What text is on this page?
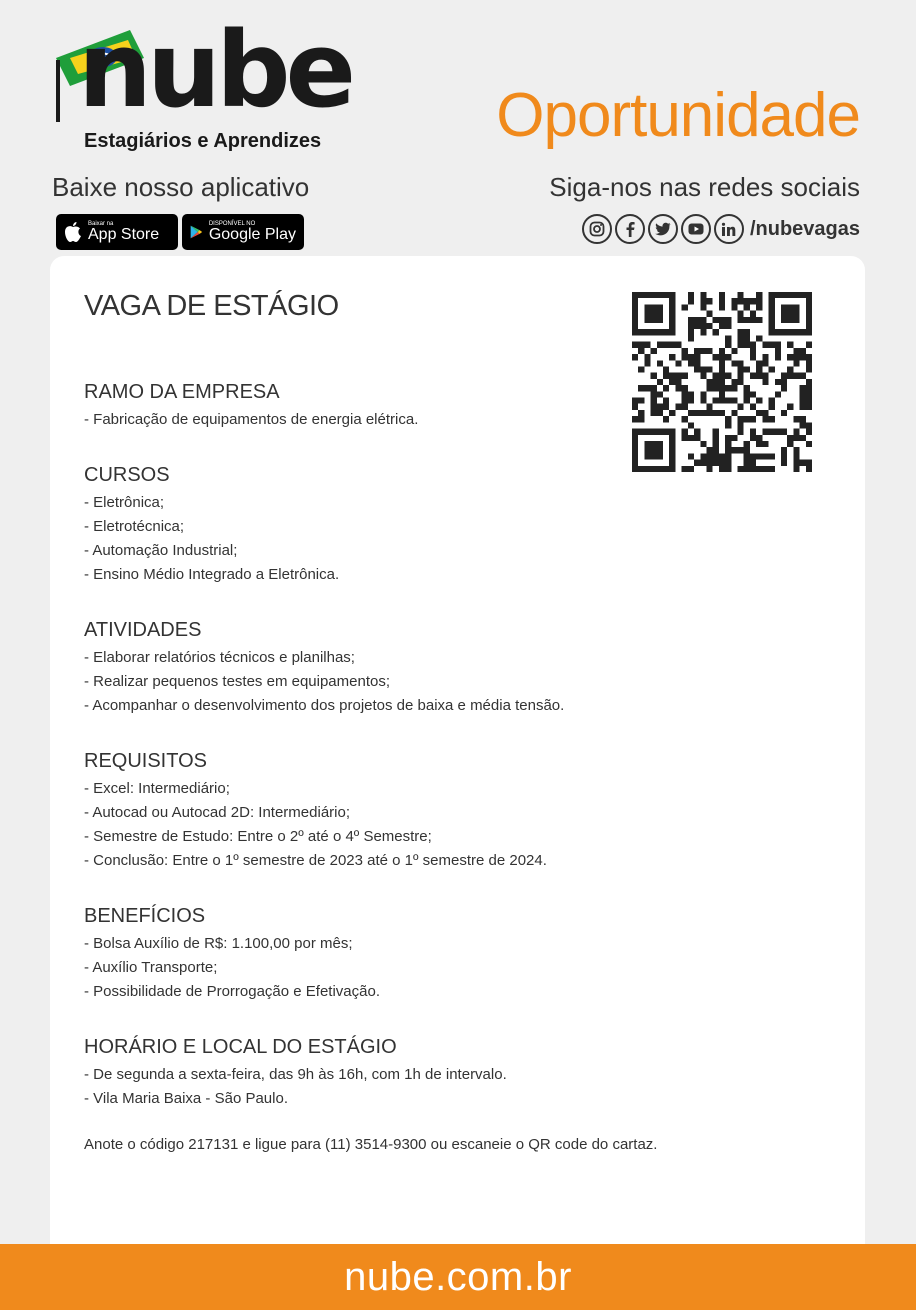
nube
Estagiários e Aprendizes	Oportunidade
Baixe nosso aplicativo
Baixar na
App Store
DISPONÍVEL NO
Google Play
Siga-nos nas redes sociais
/nubevagas
VAGA DE ESTÁGIO
RAMO DA EMPRESA
- Fabricação de equipamentos de energia elétrica.
CURSOS
- Eletrônica;
- Eletrotécnica;
- Automação Industrial;
- Ensino Médio Integrado a Eletrônica.
ATIVIDADES
- Elaborar relatórios técnicos e planilhas;
- Realizar pequenos testes em equipamentos;
- Acompanhar o desenvolvimento dos projetos de baixa e média tensão.
REQUISITOS
- Excel: Intermediário;
- Autocad ou Autocad 2D: Intermediário;
- Semestre de Estudo: Entre o 2º até o 4º Semestre;
- Conclusão: Entre o 1º semestre de 2023 até o 1º semestre de 2024.
BENEFÍCIOS
- Bolsa Auxílio de R$: 1.100,00 por mês;
- Auxílio Transporte;
- Possibilidade de Prorrogação e Efetivação.
HORÁRIO E LOCAL DO ESTÁGIO
- De segunda a sexta-feira, das 9h às 16h, com 1h de intervalo.
- Vila Maria Baixa - São Paulo.
Anote o código 217131 e ligue para (11) 3514-9300 ou escaneie o QR code do cartaz.
nube.com.br
